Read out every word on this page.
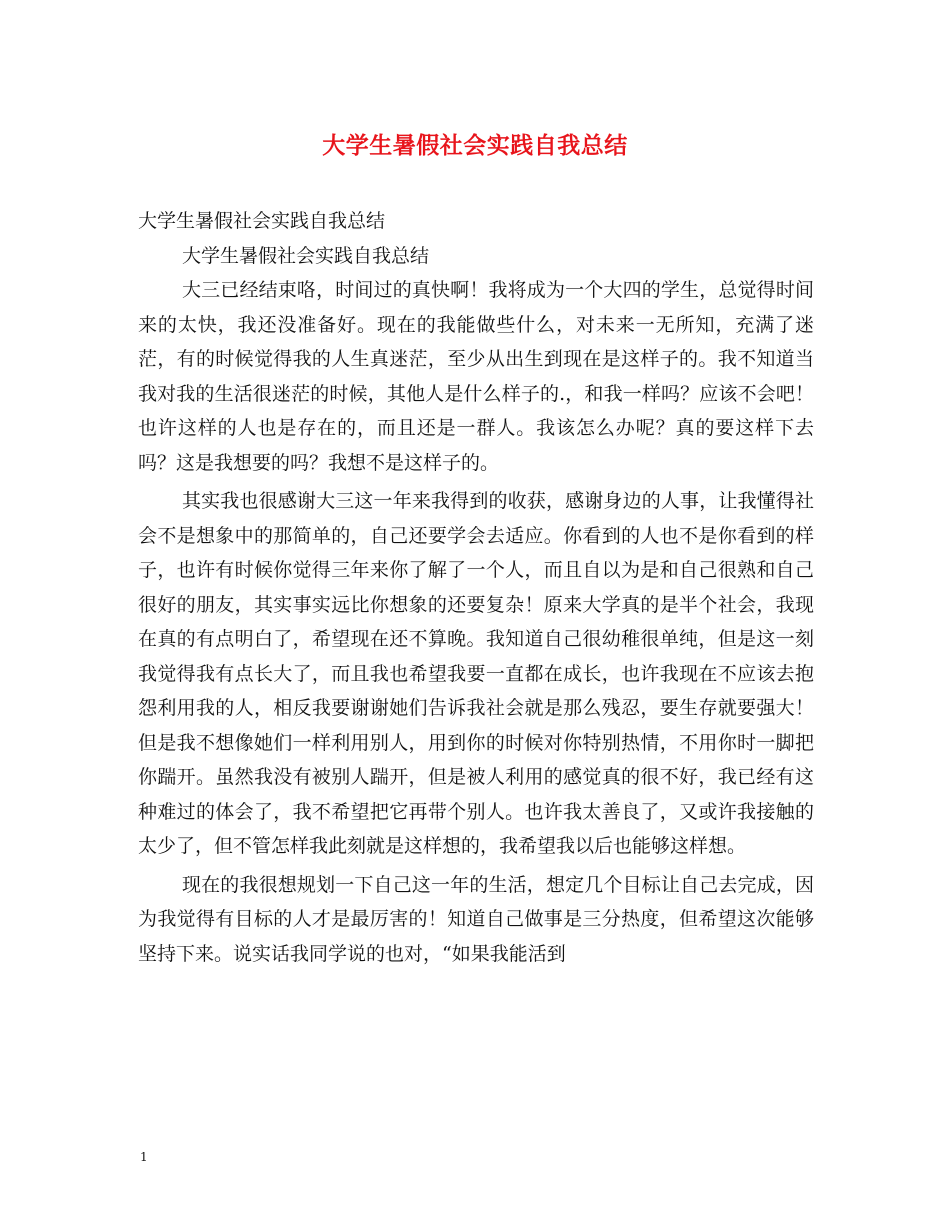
大学生暑假社会实践自我总结

大学生暑假社会实践自我总结

大学生暑假社会实践自我总结

大三已经结束咯，时间过的真快啊！我将成为一个大四的学生，总觉得时间来的太快，我还没准备好。现在的我能做些什么，对未来一无所知，充满了迷茫，有的时候觉得我的人生真迷茫，至少从出生到现在是这样子的。我不知道当我对我的生活很迷茫的时候，其他人是什么样子的.，和我一样吗？应该不会吧！也许这样的人也是存在的，而且还是一群人。我该怎么办呢？真的要这样下去吗？这是我想要的吗？我想不是这样子的。

其实我也很感谢大三这一年来我得到的收获，感谢身边的人事，让我懂得社会不是想象中的那简单的，自己还要学会去适应。你看到的人也不是你看到的样子，也许有时候你觉得三年来你了解了一个人，而且自以为是和自己很熟和自己很好的朋友，其实事实远比你想象的还要复杂！原来大学真的是半个社会，我现在真的有点明白了，希望现在还不算晚。我知道自己很幼稚很单纯，但是这一刻我觉得我有点长大了，而且我也希望我要一直都在成长，也许我现在不应该去抱怨利用我的人，相反我要谢谢她们告诉我社会就是那么残忍，要生存就要强大！但是我不想像她们一样利用别人，用到你的时候对你特别热情，不用你时一脚把你踹开。虽然我没有被别人踹开，但是被人利用的感觉真的很不好，我已经有这种难过的体会了，我不希望把它再带个别人。也许我太善良了，又或许我接触的太少了，但不管怎样我此刻就是这样想的，我希望我以后也能够这样想。

现在的我很想规划一下自己这一年的生活，想定几个目标让自己去完成，因为我觉得有目标的人才是最厉害的！知道自己做事是三分热度，但希望这次能够坚持下来。说实话我同学说的也对，“如果我能活到

1
